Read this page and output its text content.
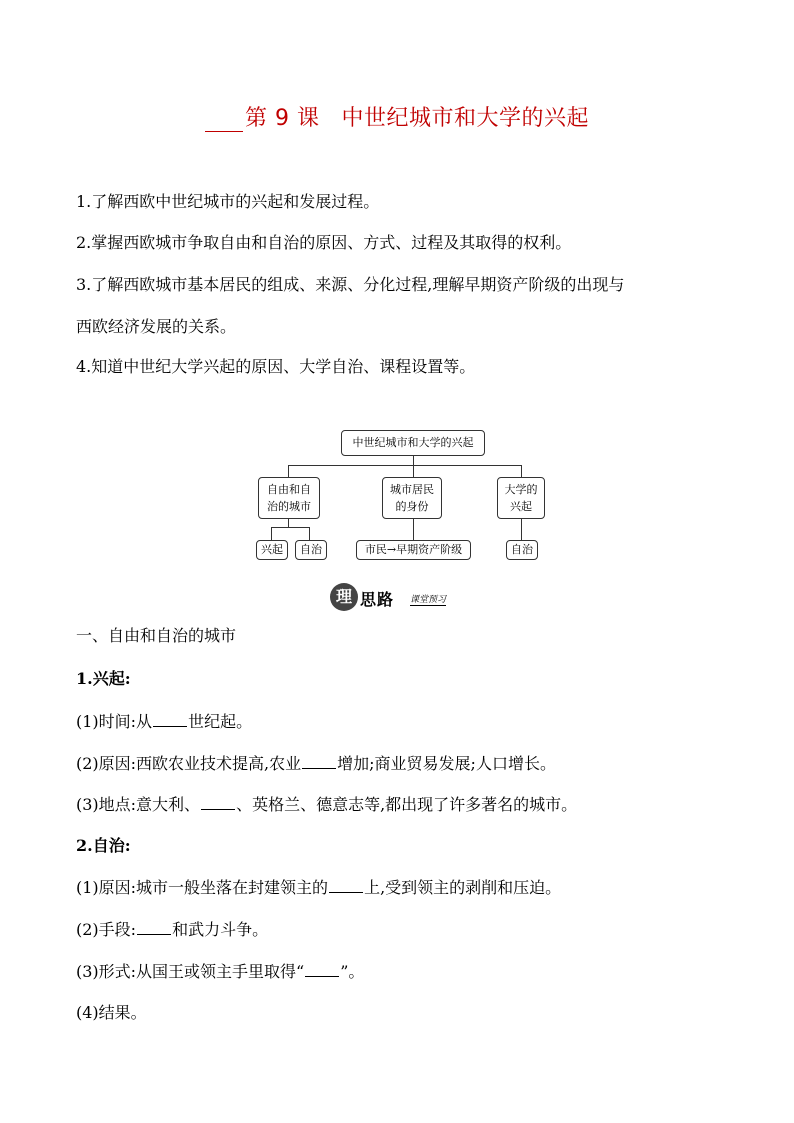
第 9 课 中世纪城市和大学的兴起
1.了解西欧中世纪城市的兴起和发展过程。
2.掌握西欧城市争取自由和自治的原因、方式、过程及其取得的权利。
3.了解西欧城市基本居民的组成、来源、分化过程,理解早期资产阶级的出现与
西欧经济发展的关系。
4.知道中世纪大学兴起的原因、大学自治、课程设置等。
中世纪城市和大学的兴起
自由和自
治的城市
城市居民
的身份
大学的
兴起
兴起	自治	市民→早期资产阶级	自治
理 思路 课堂预习
一、自由和自治的城市
1.兴起:
(1)时间:从 世纪起。
(2)原因:西欧农业技术提高,农业 增加;商业贸易发展;人口增长。
(3)地点:意大利、 、英格兰、德意志等,都出现了许多著名的城市。
2.自治:
(1)原因:城市一般坐落在封建领主的 上,受到领主的剥削和压迫。
(2)手段: 和武力斗争。
(3)形式:从国王或领主手里取得“ ”。
(4)结果。
